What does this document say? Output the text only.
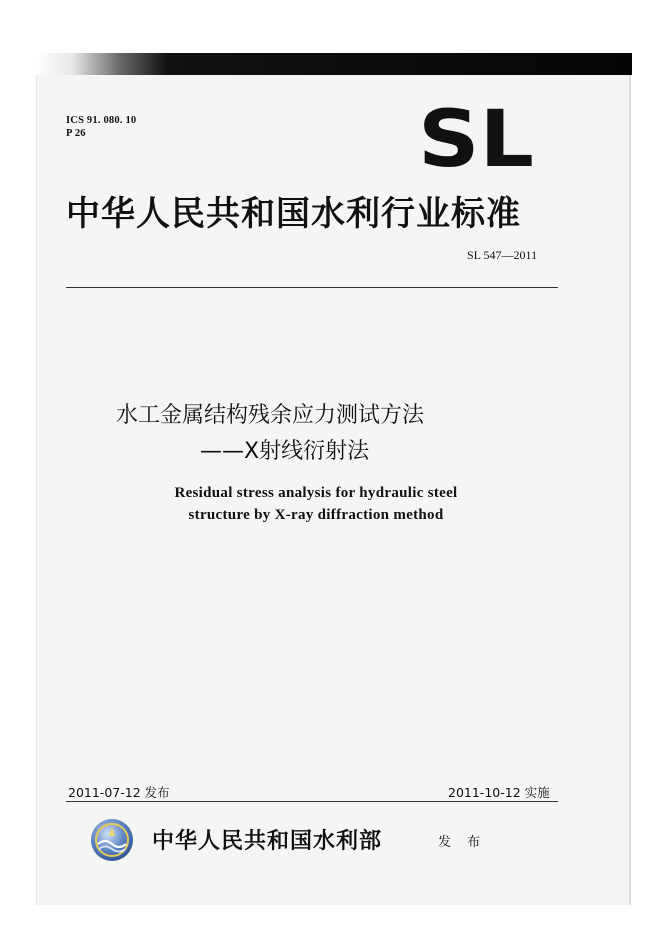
ICS 91. 080. 10
P 26	SL
中华人民共和国水利行业标准
SL 547—2011
水工金属结构残余应力测试方法
——X射线衍射法
Residual stress analysis for hydraulic steel
structure by X-ray diffraction method
2011-07-12 发布	2011-10-12 实施
中华人民共和国水利部	发 布
